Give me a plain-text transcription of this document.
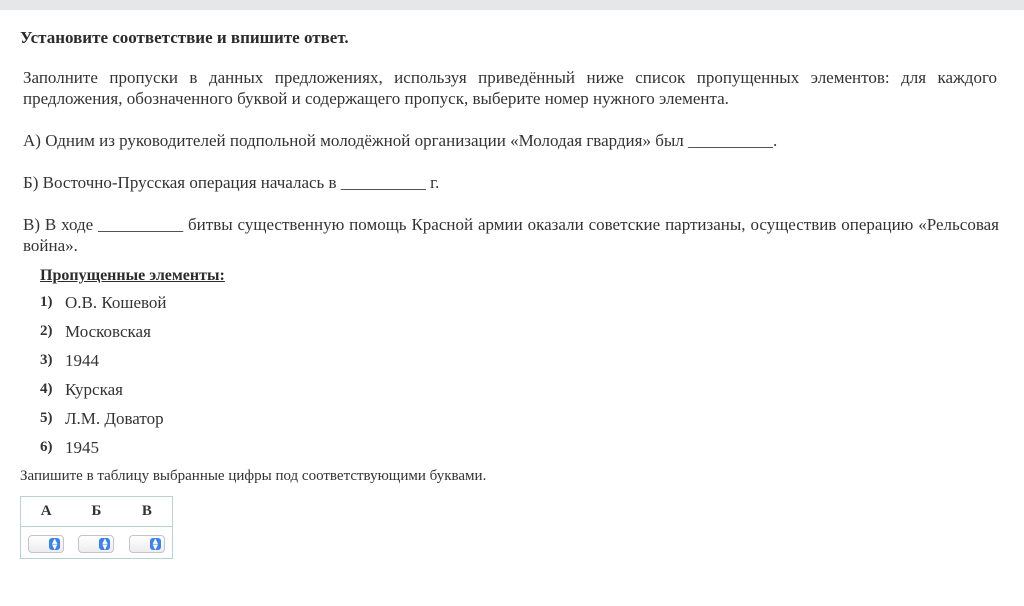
Установите соответствие и впишите ответ.
Заполните пропуски в данных предложениях, используя приведённый ниже список пропущенных элементов: для каждого предложения, обозначенного буквой и содержащего пропуск, выберите номер нужного элемента.
А) Одним из руководителей подпольной молодёжной организации «Молодая гвардия» был __________.
Б) Восточно-Прусская операция началась в __________ г.
В) В ходе __________ битвы существенную помощь Красной армии оказали советские партизаны, осуществив операцию «Рельсовая война».
Пропущенные элементы:
1) О.В. Кошевой
2) Московская
3) 1944
4) Курская
5) Л.М. Доватор
6) 1945
Запишите в таблицу выбранные цифры под соответствующими буквами.
А	Б	В
▲
▼
▲
▼
▲
▼
